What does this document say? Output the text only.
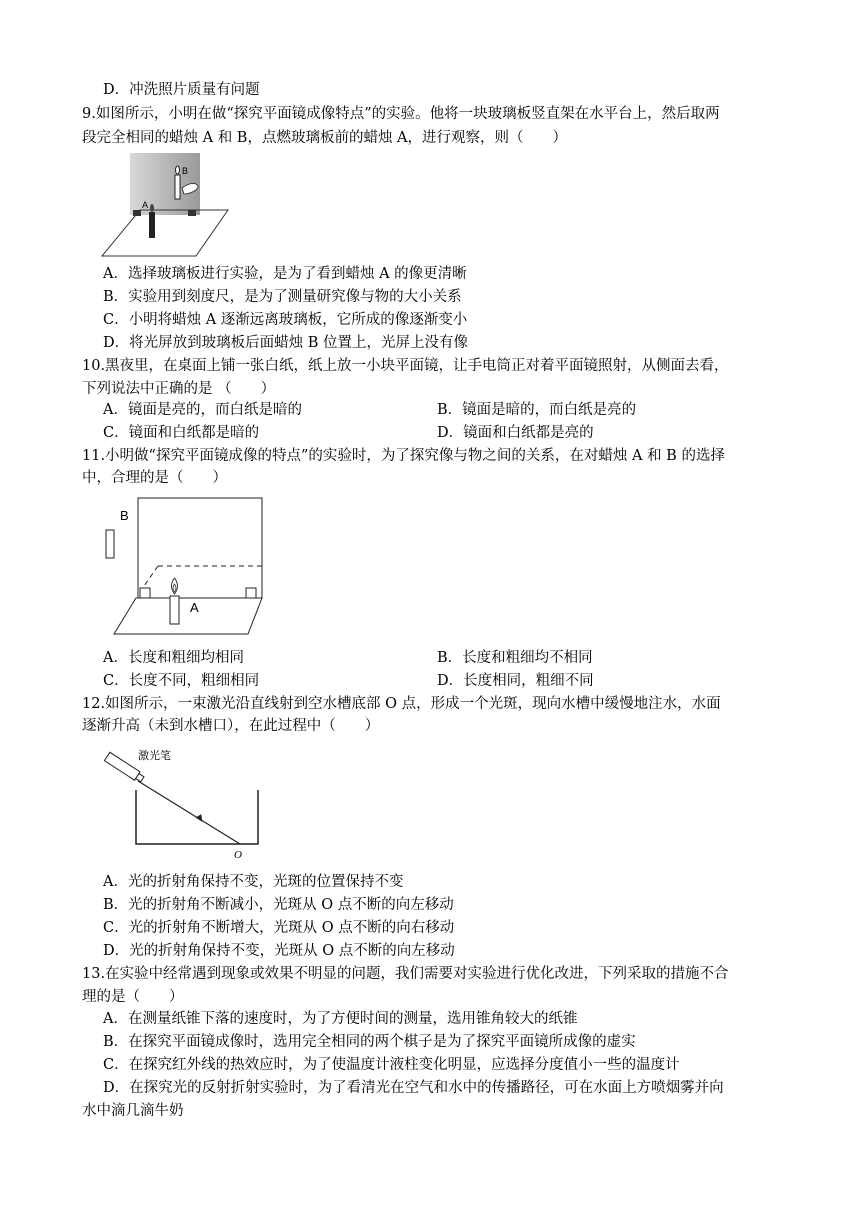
D．冲洗照片质量有问题
9.如图所示，小明在做“探究平面镜成像特点”的实验。他将一块玻璃板竖直架在水平台上，然后取两
段完全相同的蜡烛 A 和 B，点燃玻璃板前的蜡烛 A，进行观察，则（　　）
A
B
A．选择玻璃板进行实验，是为了看到蜡烛 A 的像更清晰
B．实验用到刻度尺，是为了测量研究像与物的大小关系
C．小明将蜡烛 A 逐渐远离玻璃板，它所成的像逐渐变小
D．将光屏放到玻璃板后面蜡烛 B 位置上，光屏上没有像
10.黑夜里，在桌面上铺一张白纸，纸上放一小块平面镜，让手电筒正对着平面镜照射，从侧面去看，
下列说法中正确的是 （　　）
A．镜面是亮的，而白纸是暗的	B．镜面是暗的，而白纸是亮的
C．镜面和白纸都是暗的	D．镜面和白纸都是亮的
11.小明做“探究平面镜成像的特点”的实验时，为了探究像与物之间的关系，在对蜡烛 A 和 B 的选择
中，合理的是（　　）
B
A
A．长度和粗细均相同	B．长度和粗细均不相同
C．长度不同，粗细相同	D．长度相同，粗细不同
12.如图所示，一束激光沿直线射到空水槽底部 O 点，形成一个光斑，现向水槽中缓慢地注水，水面
逐渐升高（未到水槽口），在此过程中（　　）
激光笔
O
A．光的折射角保持不变，光斑的位置保持不变
B．光的折射角不断减小，光斑从 O 点不断的向左移动
C．光的折射角不断增大，光斑从 O 点不断的向右移动
D．光的折射角保持不变，光斑从 O 点不断的向左移动
13.在实验中经常遇到现象或效果不明显的问题，我们需要对实验进行优化改进，下列采取的措施不合
理的是（　　）
A．在测量纸锥下落的速度时，为了方便时间的测量，选用锥角较大的纸锥
B．在探究平面镜成像时，选用完全相同的两个棋子是为了探究平面镜所成像的虚实
C．在探究红外线的热效应时，为了使温度计液柱变化明显，应选择分度值小一些的温度计
D．在探究光的反射折射实验时，为了看清光在空气和水中的传播路径，可在水面上方喷烟雾并向
水中滴几滴牛奶
